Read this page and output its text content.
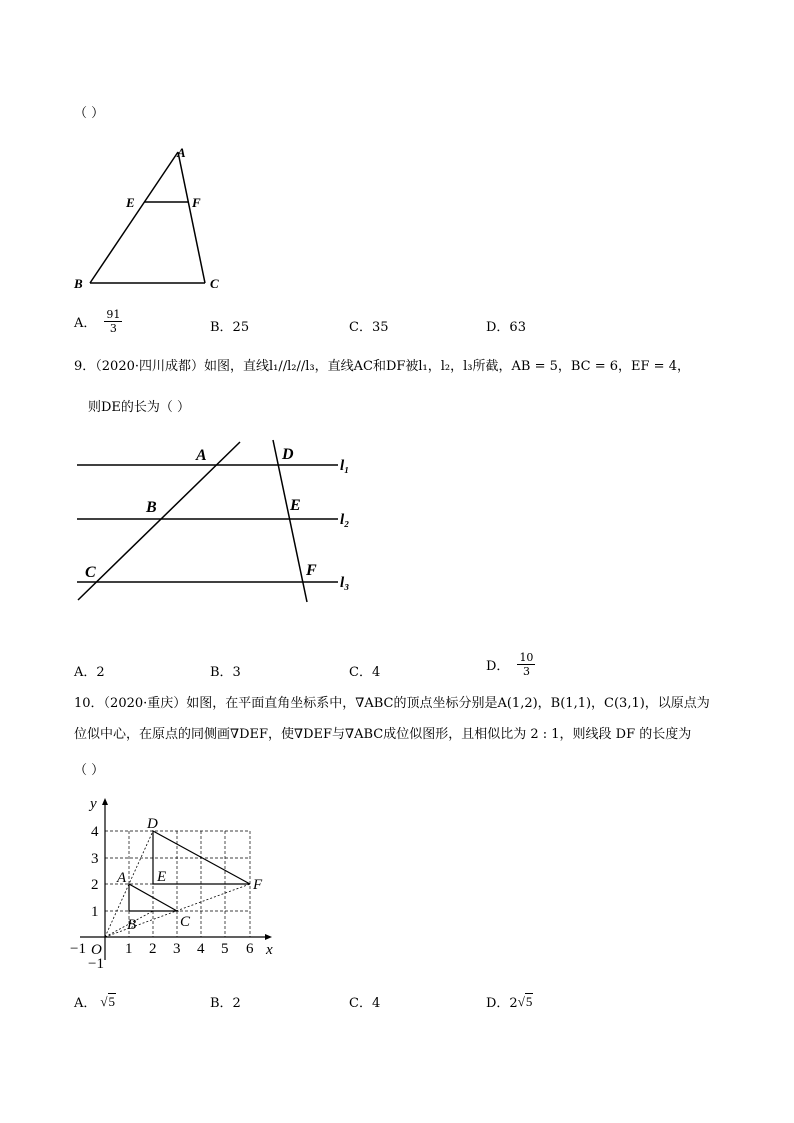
（ ）
A
E	F
B	C
A． $\frac{91}{3}$	B．25	C．35	D．63
9．（2020·四川成都）如图，直线l₁//l₂//l₃，直线AC和DF被l₁，l₂，l₃所截，AB = 5，BC = 6，EF = 4，
则DE的长为（ ）
A	D
B	E
C	F
l₁
l₂
l₃
A．2	B．3	C．4	D． $\frac{10}{3}$
10．（2020·重庆）如图，在平面直角坐标系中，∇ABC的顶点坐标分别是A(1,2)，B(1,1)，C(3,1)，以原点为
位似中心，在原点的同侧画∇DEF，使∇DEF与∇ABC成位似图形，且相似比为 2 : 1，则线段 DF 的长度为
（ ）
y
x
O
−1	1 2 3 4 5 6
1
2
3
4
−1
A
B	C
D
E	F
A． √5	B．2	C．4	D．2 √5
